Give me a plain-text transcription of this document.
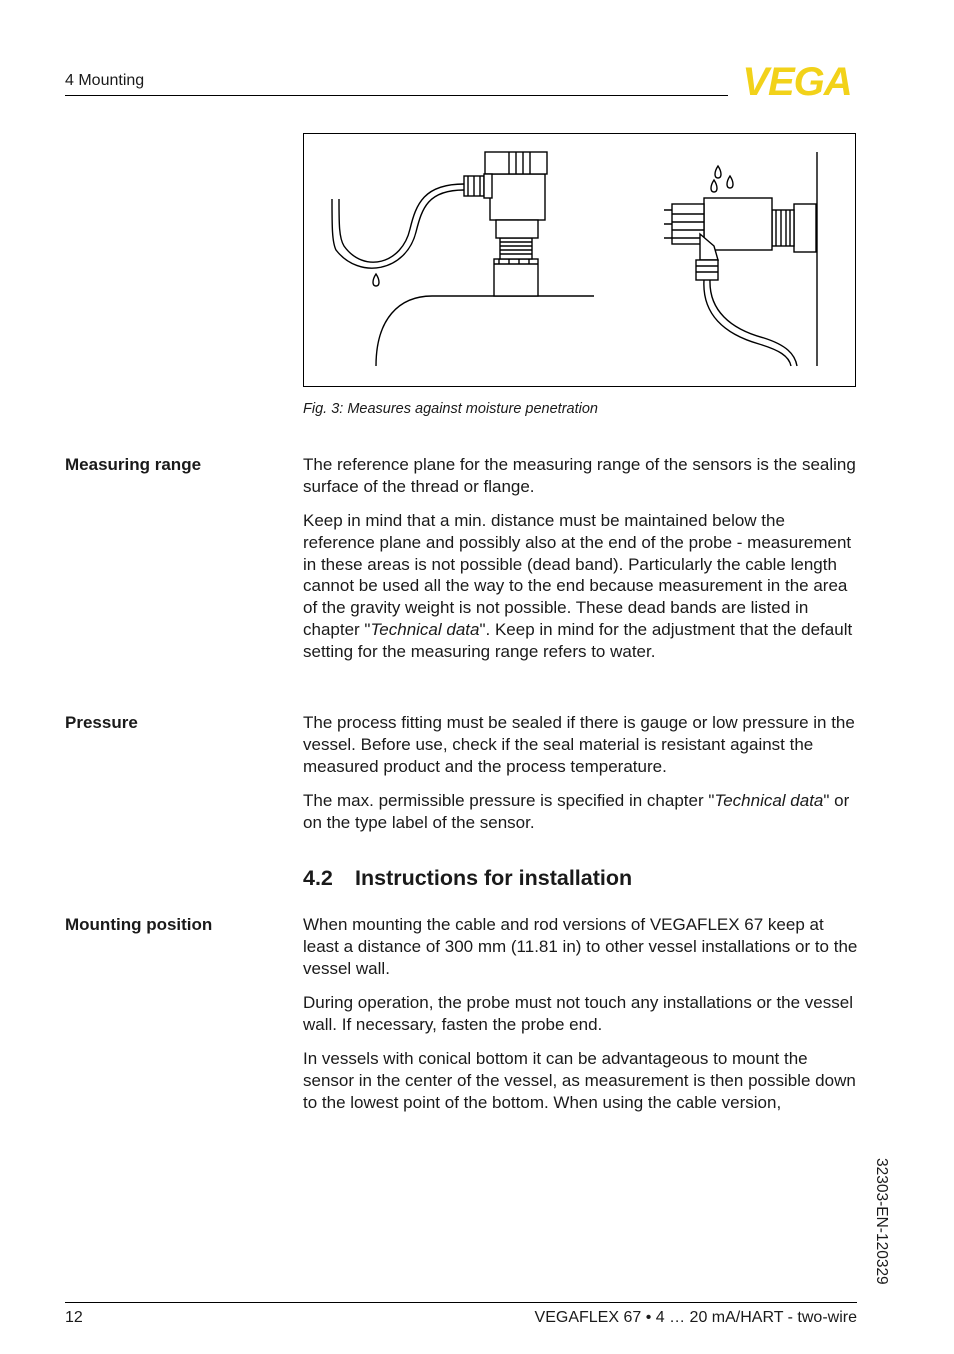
4 Mounting	VEGA
Fig. 3: Measures against moisture penetration
Measuring range	The reference plane for the measuring range of the sensors is the sealing surface of the thread or flange.

Keep in mind that a min. distance must be maintained below the reference plane and possibly also at the end of the probe - measurement in these areas is not possible (dead band). Particularly the cable length cannot be used all the way to the end because measurement in the area of the gravity weight is not possible. These dead bands are listed in chapter "Technical data". Keep in mind for the adjustment that the default setting for the measuring range refers to water.

Pressure	The process fitting must be sealed if there is gauge or low pressure in the vessel. Before use, check if the seal material is resistant against the measured product and the process temperature.

The max. permissible pressure is specified in chapter "Technical data" or on the type label of the sensor.

4.2 Instructions for installation
Mounting position	When mounting the cable and rod versions of VEGAFLEX 67 keep at least a distance of 300 mm (11.81 in) to other vessel installations or to the vessel wall.

During operation, the probe must not touch any installations or the vessel wall. If necessary, fasten the probe end.

In vessels with conical bottom it can be advantageous to mount the sensor in the center of the vessel, as measurement is then possible down to the lowest point of the bottom. When using the cable version,

32303-EN-120329
12	VEGAFLEX 67 • 4 … 20 mA/HART - two-wire
